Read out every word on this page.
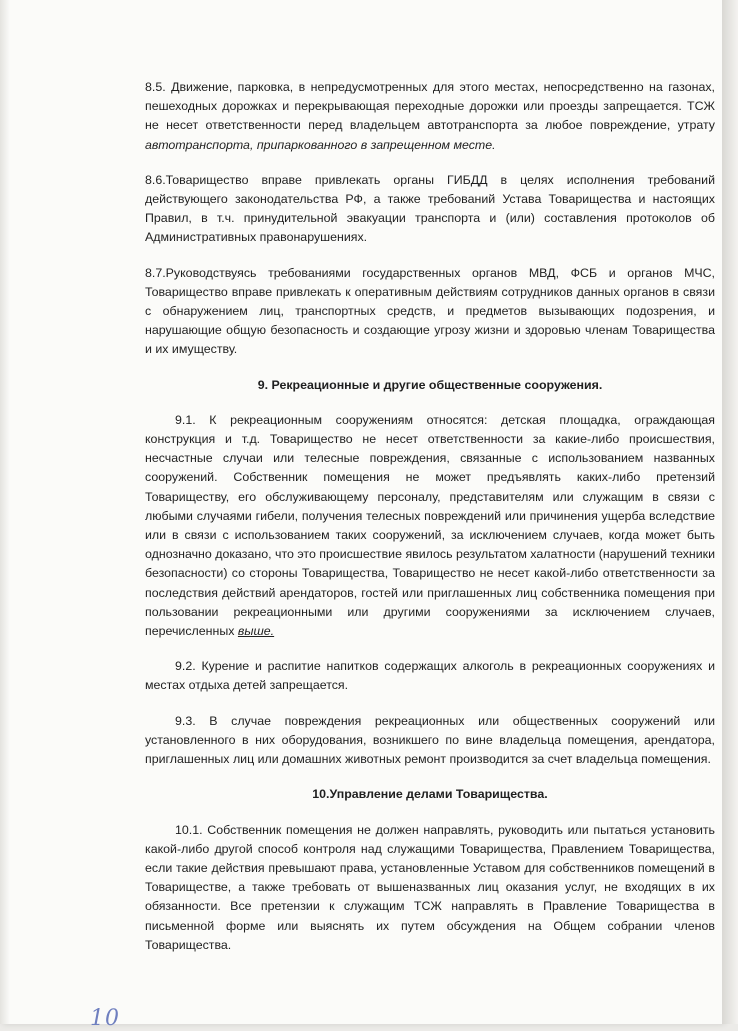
8.5. Движение, парковка, в непредусмотренных для этого местах, непосредственно на газонах, пешеходных дорожках и перекрывающая переходные дорожки или проезды запрещается. ТСЖ не несет ответственности перед владельцем автотранспорта за любое повреждение, утрату автотранспорта, припаркованного в запрещенном месте.

8.6.Товарищество вправе привлекать органы ГИБДД в целях исполнения требований действующего законодательства РФ, а также требований Устава Товарищества и настоящих Правил, в т.ч. принудительной эвакуации транспорта и (или) составления протоколов об Административных правонарушениях.

8.7.Руководствуясь требованиями государственных органов МВД, ФСБ и органов МЧС, Товарищество вправе привлекать к оперативным действиям сотрудников данных органов в связи с обнаружением лиц, транспортных средств, и предметов вызывающих подозрения, и нарушающие общую безопасность и создающие угрозу жизни и здоровью членам Товарищества и их имуществу.

9. Рекреационные и другие общественные сооружения.

9.1. К рекреационным сооружениям относятся: детская площадка, ограждающая конструкция и т.д. Товарищество не несет ответственности за какие-либо происшествия, несчастные случаи или телесные повреждения, связанные с использованием названных сооружений. Собственник помещения не может предъявлять каких-либо претензий Товариществу, его обслуживающему персоналу, представителям или служащим в связи с любыми случаями гибели, получения телесных повреждений или причинения ущерба вследствие или в связи с использованием таких сооружений, за исключением случаев, когда может быть однозначно доказано, что это происшествие явилось результатом халатности (нарушений техники безопасности) со стороны Товарищества, Товарищество не несет какой-либо ответственности за последствия действий арендаторов, гостей или приглашенных лиц собственника помещения при пользовании рекреационными или другими сооружениями за исключением случаев, перечисленных выше.

9.2. Курение и распитие напитков содержащих алкоголь в рекреационных сооружениях и местах отдыха детей запрещается.

9.3. В случае повреждения рекреационных или общественных сооружений или установленного в них оборудования, возникшего по вине владельца помещения, арендатора, приглашенных лиц или домашних животных ремонт производится за счет владельца помещения.

10.Управление делами Товарищества.

10.1. Собственник помещения не должен направлять, руководить или пытаться установить какой-либо другой способ контроля над служащими Товарищества, Правлением Товарищества, если такие действия превышают права, установленные Уставом для собственников помещений в Товариществе, а также требовать от вышеназванных лиц оказания услуг, не входящих в их обязанности. Все претензии к служащим ТСЖ направлять в Правление Товарищества в письменной форме или выяснять их путем обсуждения на Общем собрании членов Товарищества.

10
